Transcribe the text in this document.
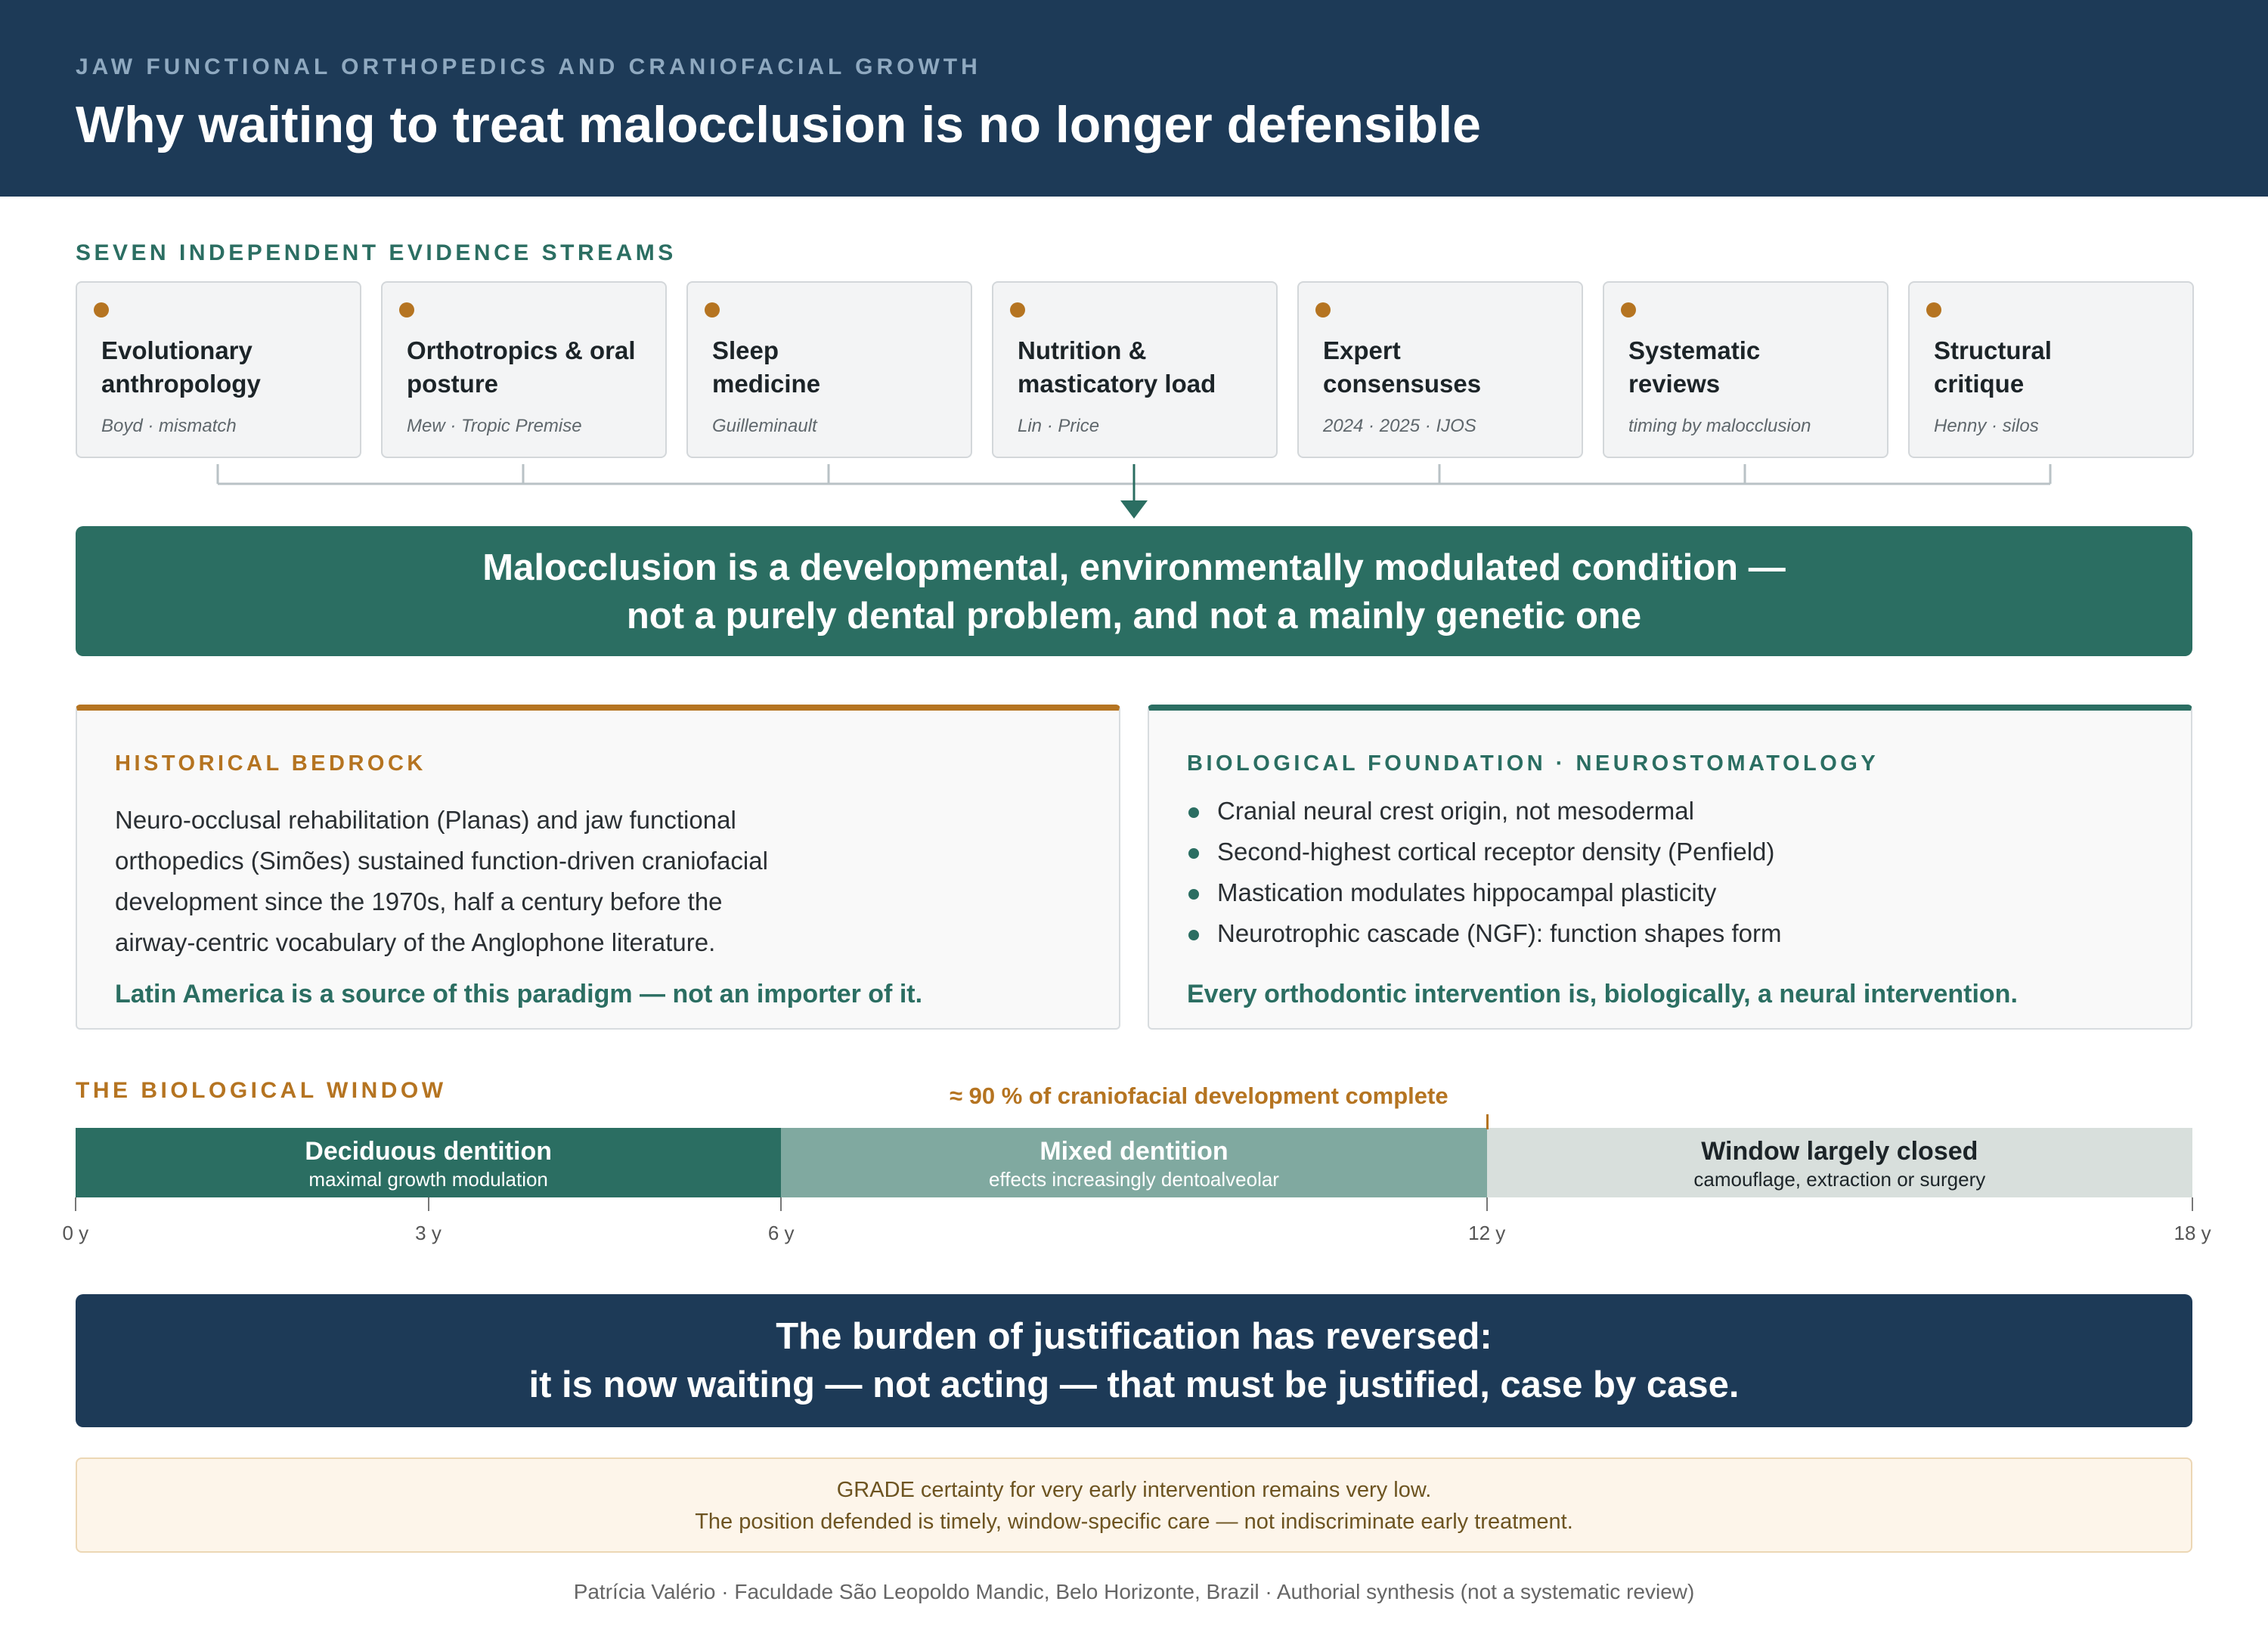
JAW FUNCTIONAL ORTHOPEDICS AND CRANIOFACIAL GROWTH
Why waiting to treat malocclusion is no longer defensible
SEVEN INDEPENDENT EVIDENCE STREAMS
Evolutionary anthropology
Boyd · mismatch
Orthotropics & oral posture
Mew · Tropic Premise
Sleep medicine
Guilleminault
Nutrition & masticatory load
Lin · Price
Expert consensuses
2024 · 2025 · IJOS
Systematic reviews
timing by malocclusion
Structural critique
Henny · silos
Malocclusion is a developmental, environmentally modulated condition —
not a purely dental problem, and not a mainly genetic one
HISTORICAL BEDROCK
Neuro-occlusal rehabilitation (Planas) and jaw functional
orthopedics (Simões) sustained function-driven craniofacial
development since the 1970s, half a century before the
airway-centric vocabulary of the Anglophone literature.
Latin America is a source of this paradigm — not an importer of it.
BIOLOGICAL FOUNDATION · NEUROSTOMATOLOGY
Cranial neural crest origin, not mesodermal
Second-highest cortical receptor density (Penfield)
Mastication modulates hippocampal plasticity
Neurotrophic cascade (NGF): function shapes form
Every orthodontic intervention is, biologically, a neural intervention.
THE BIOLOGICAL WINDOW	≈ 90 % of craniofacial development complete
Deciduous dentition
maximal growth modulation
Mixed dentition
effects increasingly dentoalveolar
Window largely closed
camouflage, extraction or surgery
0 y	3 y	6 y	12 y	18 y
The burden of justification has reversed:
it is now waiting — not acting — that must be justified, case by case.
GRADE certainty for very early intervention remains very low.
The position defended is timely, window-specific care — not indiscriminate early treatment.
Patrícia Valério · Faculdade São Leopoldo Mandic, Belo Horizonte, Brazil · Authorial synthesis (not a systematic review)
